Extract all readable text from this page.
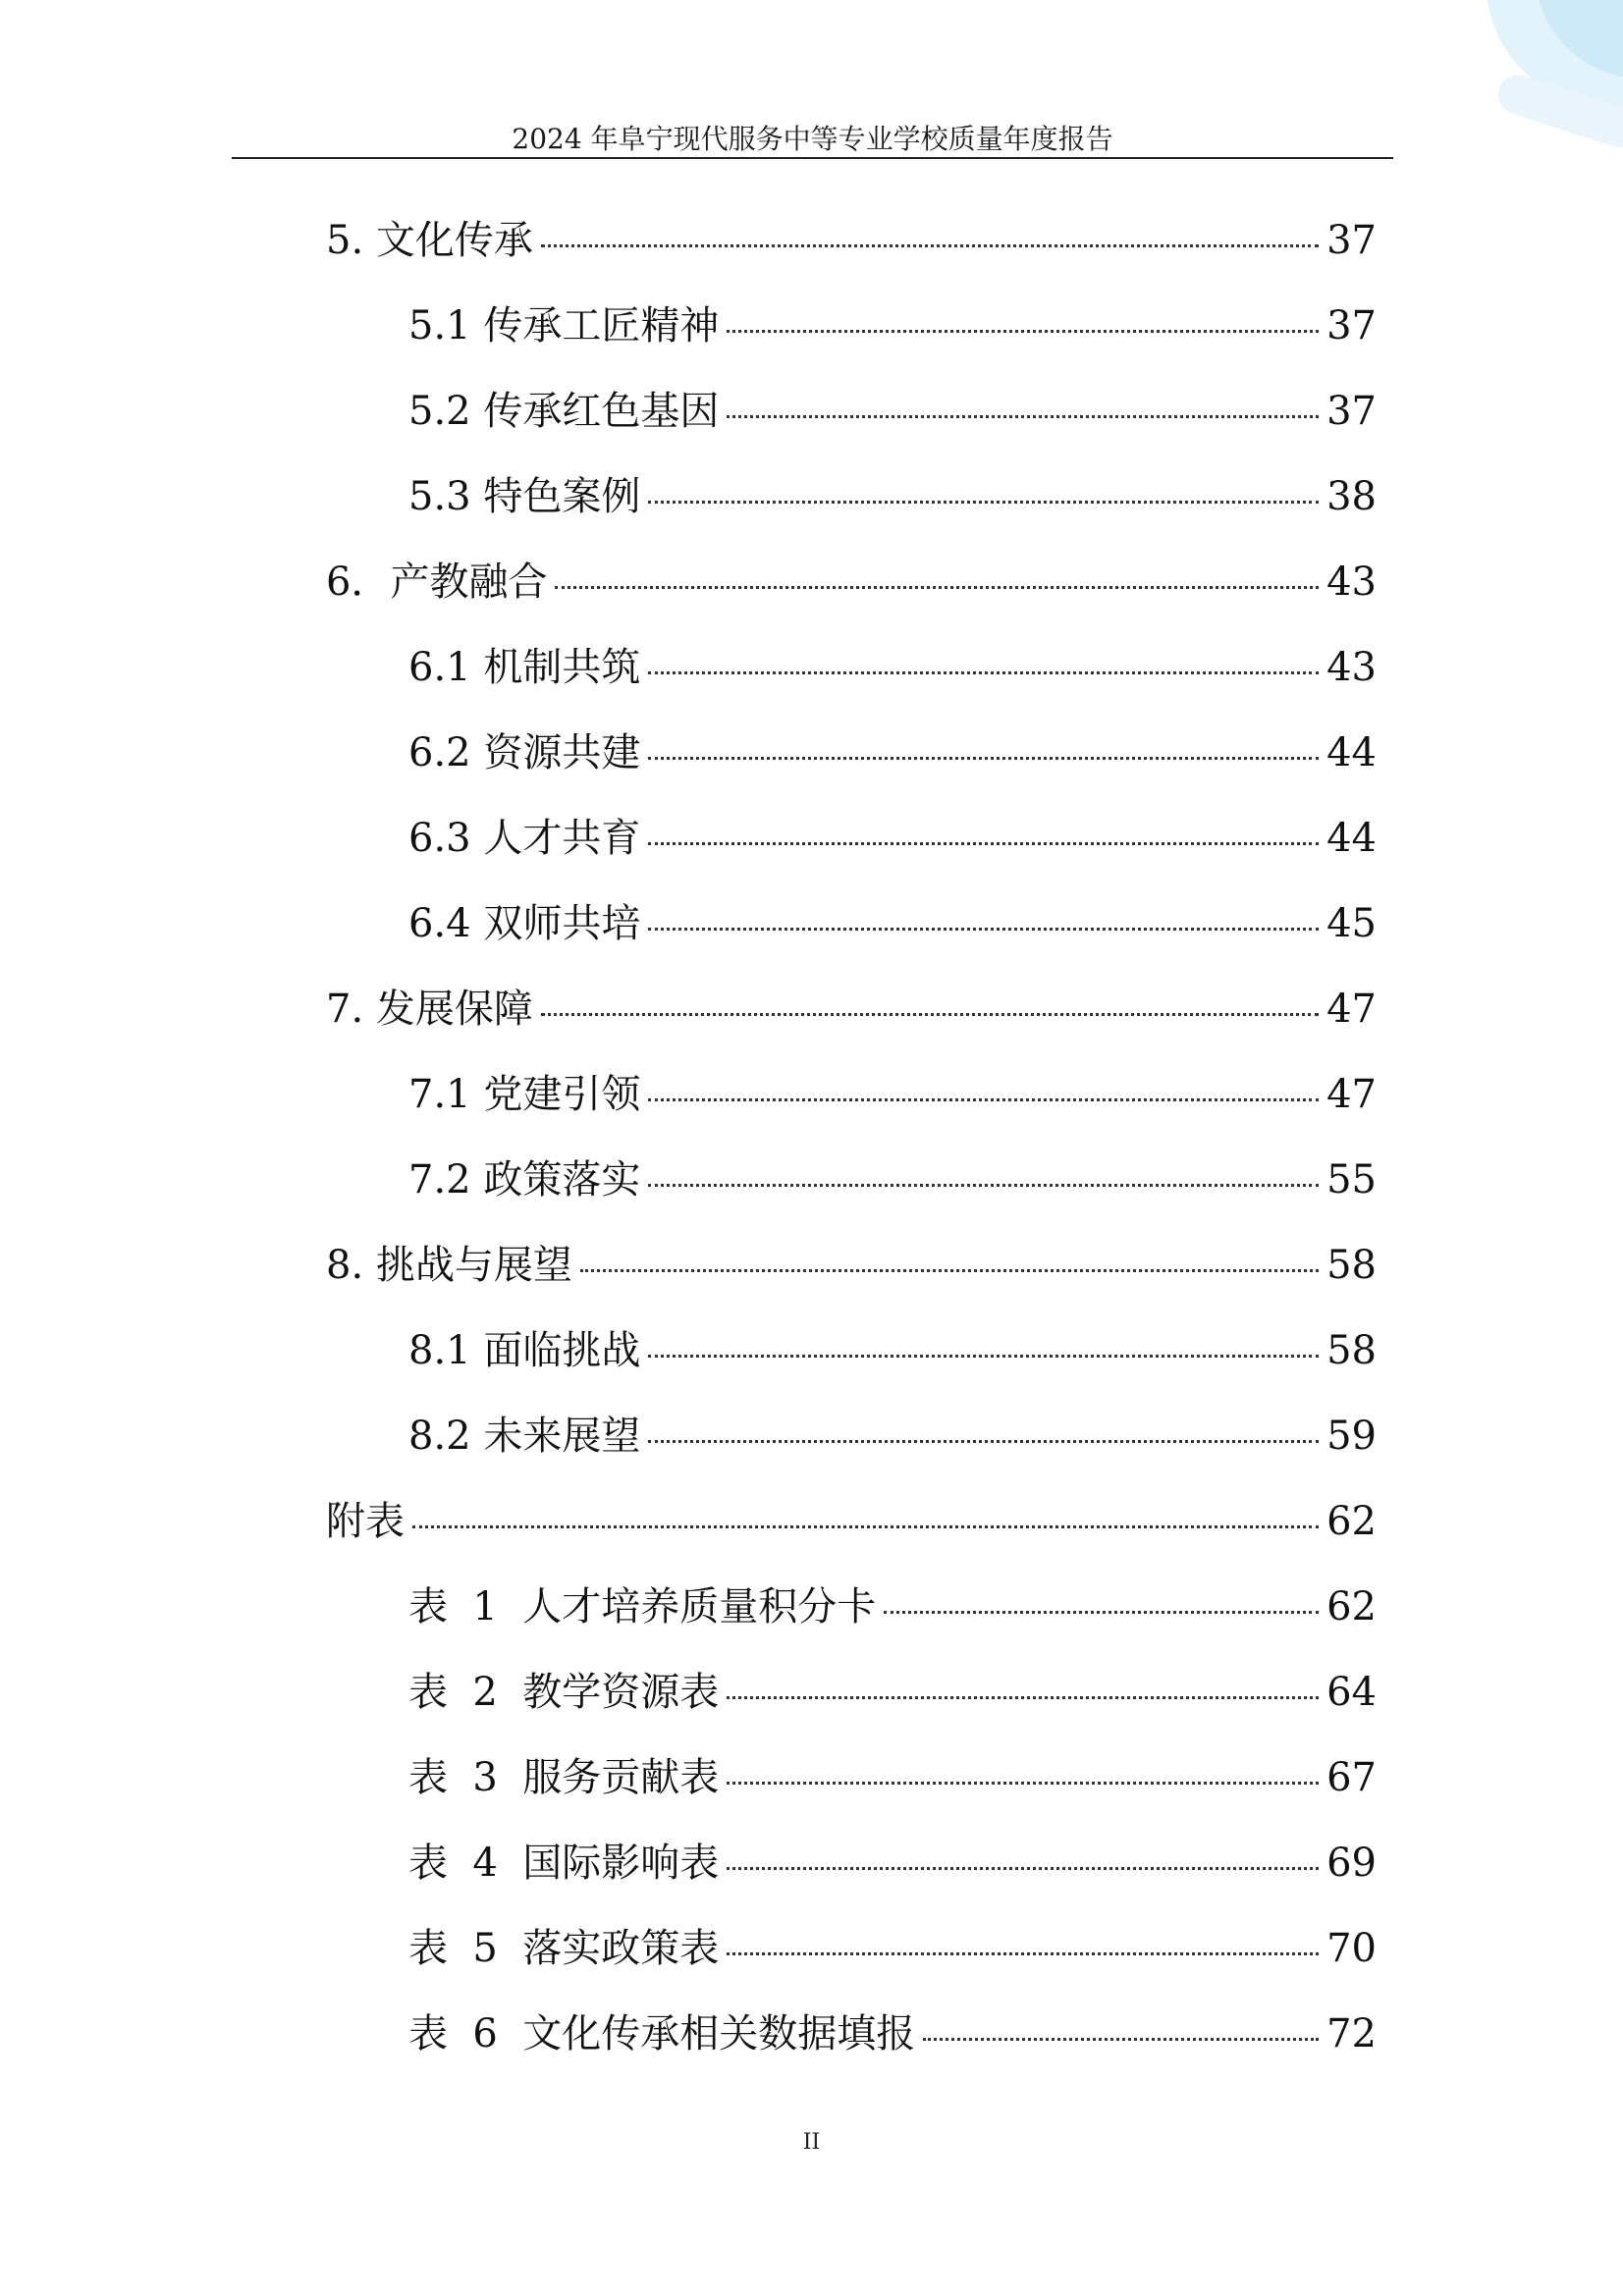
2024 年阜宁现代服务中等专业学校质量年度报告
5. 文化传承	37
5.1 传承工匠精神	37
5.2 传承红色基因	37
5.3 特色案例	38
6．产教融合	43
6.1 机制共筑	43
6.2 资源共建	44
6.3 人才共育	44
6.4 双师共培	45
7. 发展保障	47
7.1 党建引领	47
7.2 政策落实	55
8. 挑战与展望	58
8.1 面临挑战	58
8.2 未来展望	59
附表	62
表  1  人才培养质量积分卡	62
表  2  教学资源表	64
表  3  服务贡献表	67
表  4  国际影响表	69
表  5  落实政策表	70
表  6  文化传承相关数据填报	72
II
